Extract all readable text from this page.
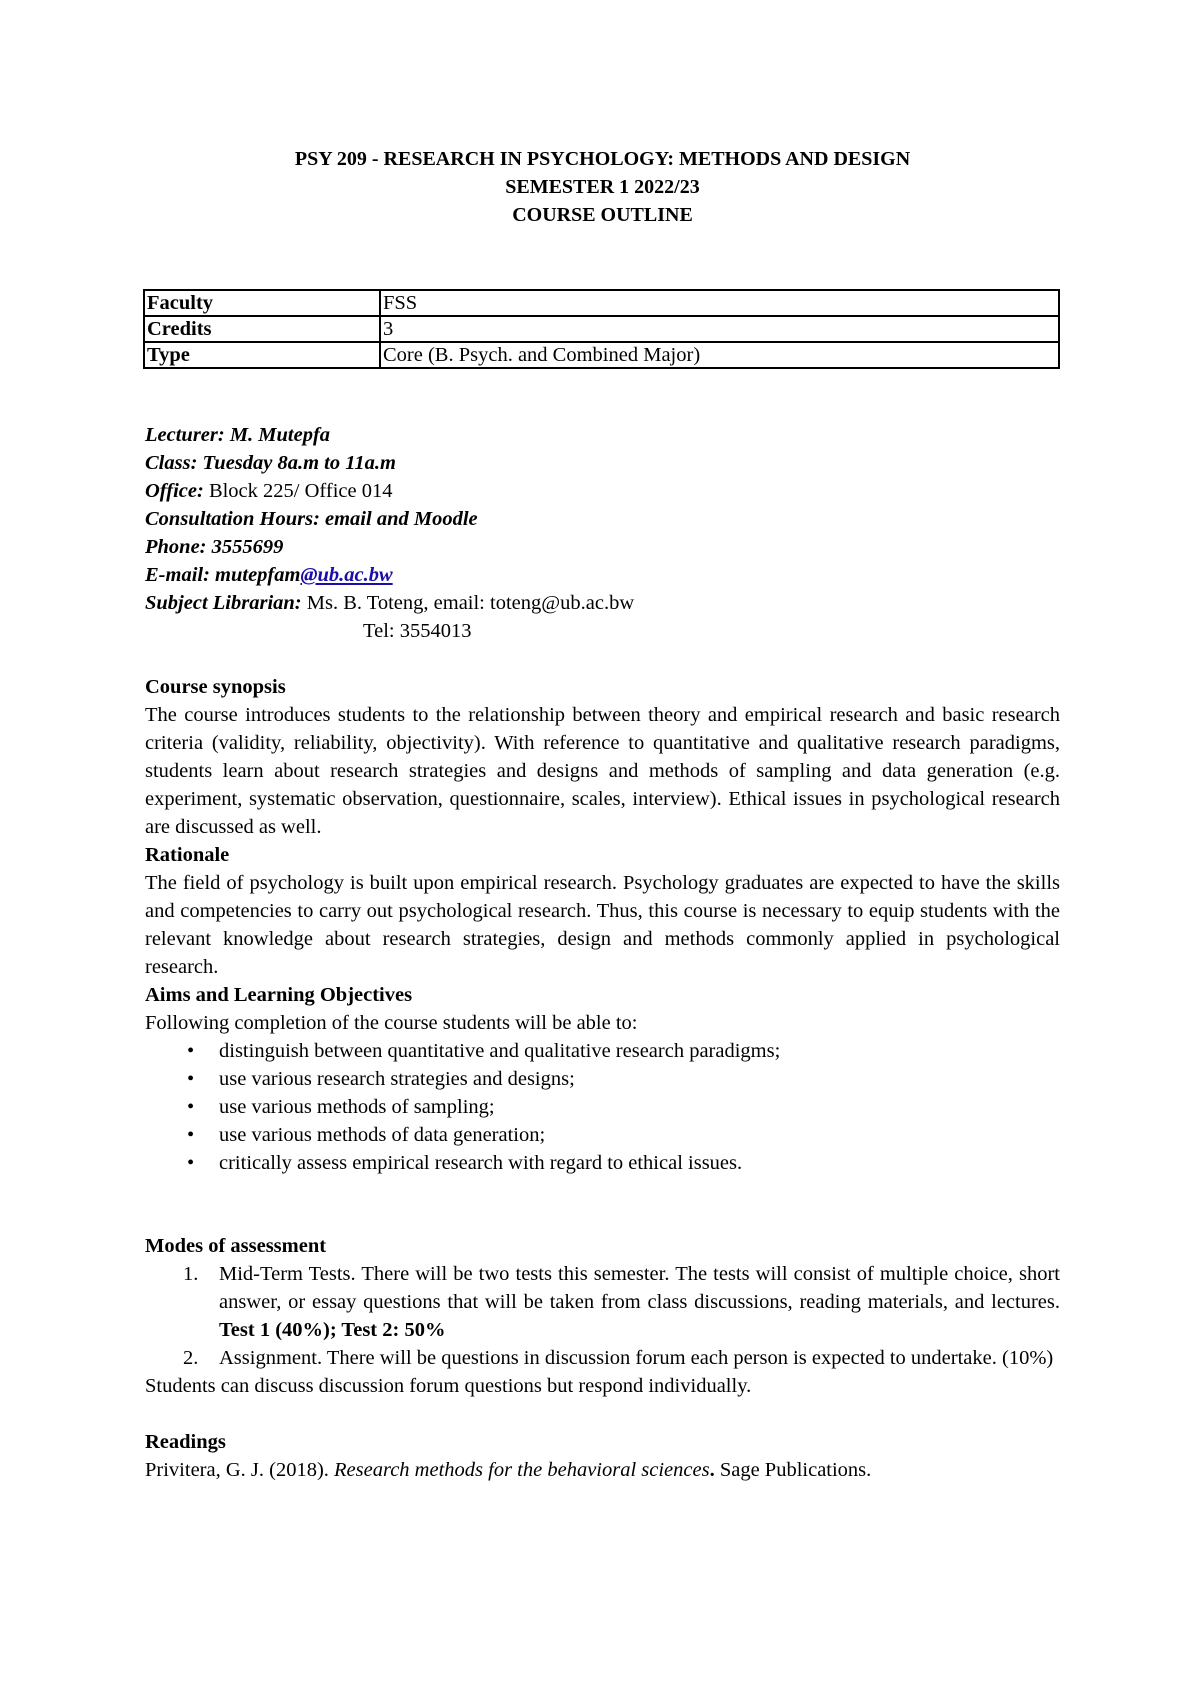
PSY 209 - RESEARCH IN PSYCHOLOGY: METHODS AND DESIGN

SEMESTER 1 2022/23

COURSE OUTLINE

Faculty	FSS
Credits	3
Type	Core (B. Psych. and Combined Major)

Lecturer: M. Mutepfa

Class: Tuesday 8a.m to 11a.m

Office: Block 225/ Office 014

Consultation Hours: email and Moodle

Phone: 3555699

E-mail: mutepfam@ub.ac.bw

Subject Librarian: Ms. B. Toteng, email: toteng@ub.ac.bw

Tel: 3554013

Course synopsis

The course introduces students to the relationship between theory and empirical research and basic research criteria (validity, reliability, objectivity). With reference to quantitative and qualitative research paradigms, students learn about research strategies and designs and methods of sampling and data generation (e.g. experiment, systematic observation, questionnaire, scales, interview). Ethical issues in psychological research are discussed as well.

Rationale

The field of psychology is built upon empirical research. Psychology graduates are expected to have the skills and competencies to carry out psychological research. Thus, this course is necessary to equip students with the relevant knowledge about research strategies, design and methods commonly applied in psychological research.

Aims and Learning Objectives

Following completion of the course students will be able to:

• distinguish between quantitative and qualitative research paradigms;
• use various research strategies and designs;
• use various methods of sampling;
• use various methods of data generation;
• critically assess empirical research with regard to ethical issues.

Modes of assessment

1. Mid-Term Tests. There will be two tests this semester. The tests will consist of multiple choice, short answer, or essay questions that will be taken from class discussions, reading materials, and lectures. Test 1 (40%); Test 2: 50%
2. Assignment. There will be questions in discussion forum each person is expected to undertake. (10%)

Students can discuss discussion forum questions but respond individually.

Readings

Privitera, G. J. (2018). Research methods for the behavioral sciences. Sage Publications.
